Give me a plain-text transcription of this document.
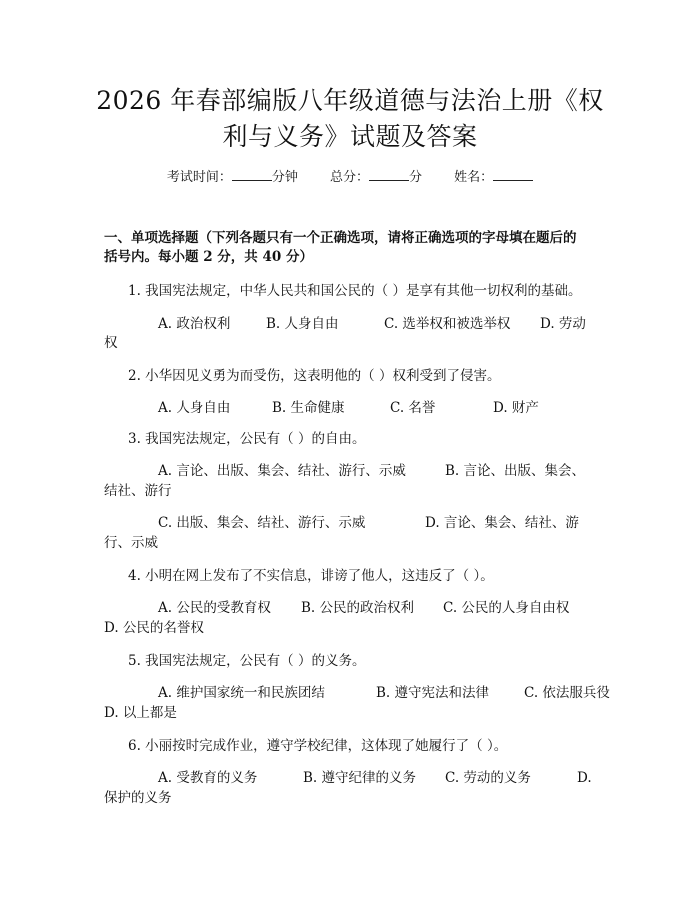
2026 年春部编版八年级道德与法治上册《权
利与义务》试题及答案
考试时间：	分钟 总分：	分 姓名：
一、单项选择题（下列各题只有一个正确选项，请将正确选项的字母填在题后的
括号内。每小题 2 分，共 40 分）
1. 我国宪法规定，中华人民共和国公民的（ ）是享有其他一切权利的基础。
A. 政治权利	B. 人身自由	C. 选举权和被选举权 D. 劳动
权
2. 小华因见义勇为而受伤，这表明他的（ ）权利受到了侵害。
A. 人身自由	B. 生命健康	C. 名誉	D. 财产
3. 我国宪法规定，公民有（ ）的自由。
A. 言论、出版、集会、结社、游行、示威	B. 言论、出版、集会、
结社、游行
C. 出版、集会、结社、游行、示威	D. 言论、集会、结社、游
行、示威
4. 小明在网上发布了不实信息，诽谤了他人，这违反了（ ）。
A. 公民的受教育权 B. 公民的政治权利 C. 公民的人身自由权
D. 公民的名誉权
5. 我国宪法规定，公民有（ ）的义务。
A. 维护国家统一和民族团结	B. 遵守宪法和法律	C. 依法服兵役
D. 以上都是
6. 小丽按时完成作业，遵守学校纪律，这体现了她履行了（ ）。
A. 受教育的义务	B. 遵守纪律的义务 C. 劳动的义务	D.
保护的义务
